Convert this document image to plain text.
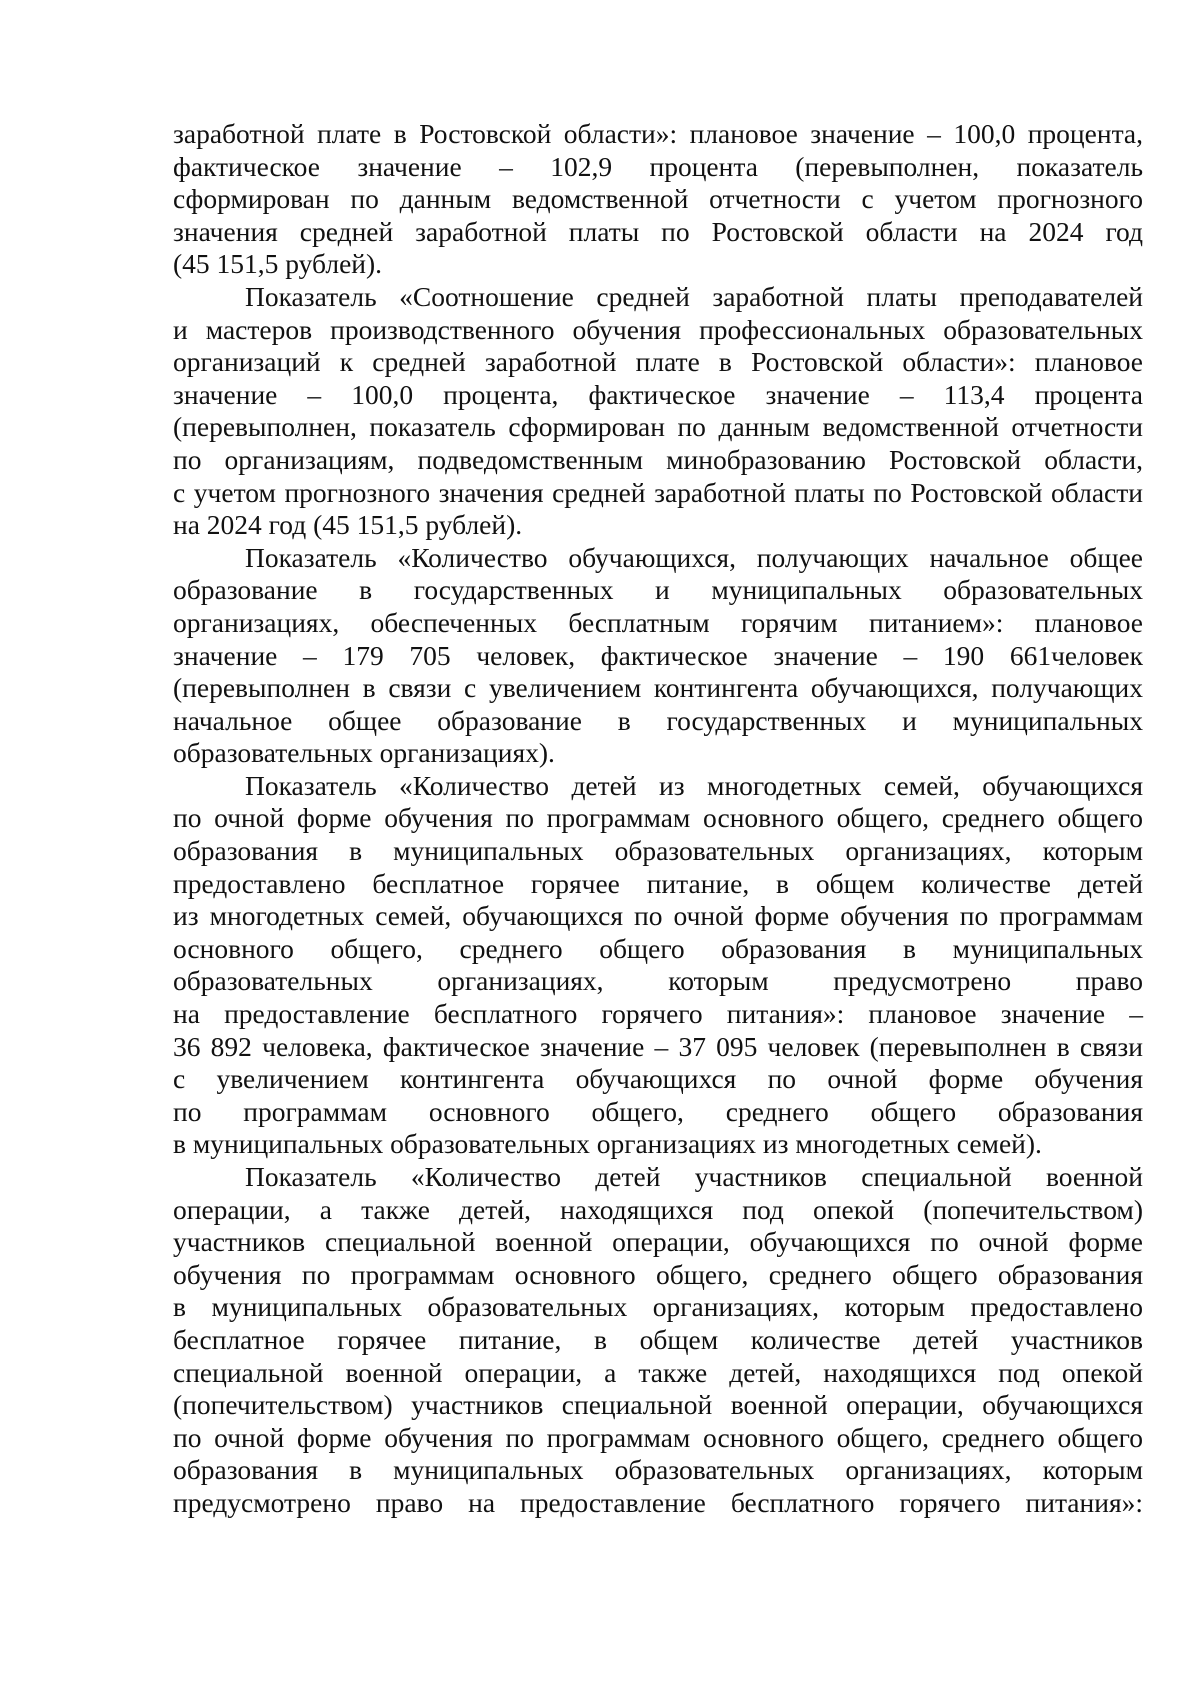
заработной плате в Ростовской области»: плановое значение – 100,0 процента,
фактическое значение – 102,9 процента (перевыполнен, показатель
сформирован по данным ведомственной отчетности с учетом прогнозного
значения средней заработной платы по Ростовской области на 2024 год
(45 151,5 рублей).
Показатель «Соотношение средней заработной платы преподавателей
и мастеров производственного обучения профессиональных образовательных
организаций к средней заработной плате в Ростовской области»: плановое
значение – 100,0 процента, фактическое значение – 113,4 процента
(перевыполнен, показатель сформирован по данным ведомственной отчетности
по организациям, подведомственным минобразованию Ростовской области,
с учетом прогнозного значения средней заработной платы по Ростовской области
на 2024 год (45 151,5 рублей).
Показатель «Количество обучающихся, получающих начальное общее
образование в государственных и муниципальных образовательных
организациях, обеспеченных бесплатным горячим питанием»: плановое
значение – 179 705 человек, фактическое значение – 190 661человек
(перевыполнен в связи с увеличением контингента обучающихся, получающих
начальное общее образование в государственных и муниципальных
образовательных организациях).
Показатель «Количество детей из многодетных семей, обучающихся
по очной форме обучения по программам основного общего, среднего общего
образования в муниципальных образовательных организациях, которым
предоставлено бесплатное горячее питание, в общем количестве детей
из многодетных семей, обучающихся по очной форме обучения по программам
основного общего, среднего общего образования в муниципальных
образовательных организациях, которым предусмотрено право
на предоставление бесплатного горячего питания»: плановое значение –
36 892 человека, фактическое значение – 37 095 человек (перевыполнен в связи
с увеличением контингента обучающихся по очной форме обучения
по программам основного общего, среднего общего образования
в муниципальных образовательных организациях из многодетных семей).
Показатель «Количество детей участников специальной военной
операции, а также детей, находящихся под опекой (попечительством)
участников специальной военной операции, обучающихся по очной форме
обучения по программам основного общего, среднего общего образования
в муниципальных образовательных организациях, которым предоставлено
бесплатное горячее питание, в общем количестве детей участников
специальной военной операции, а также детей, находящихся под опекой
(попечительством) участников специальной военной операции, обучающихся
по очной форме обучения по программам основного общего, среднего общего
образования в муниципальных образовательных организациях, которым
предусмотрено право на предоставление бесплатного горячего питания»:
